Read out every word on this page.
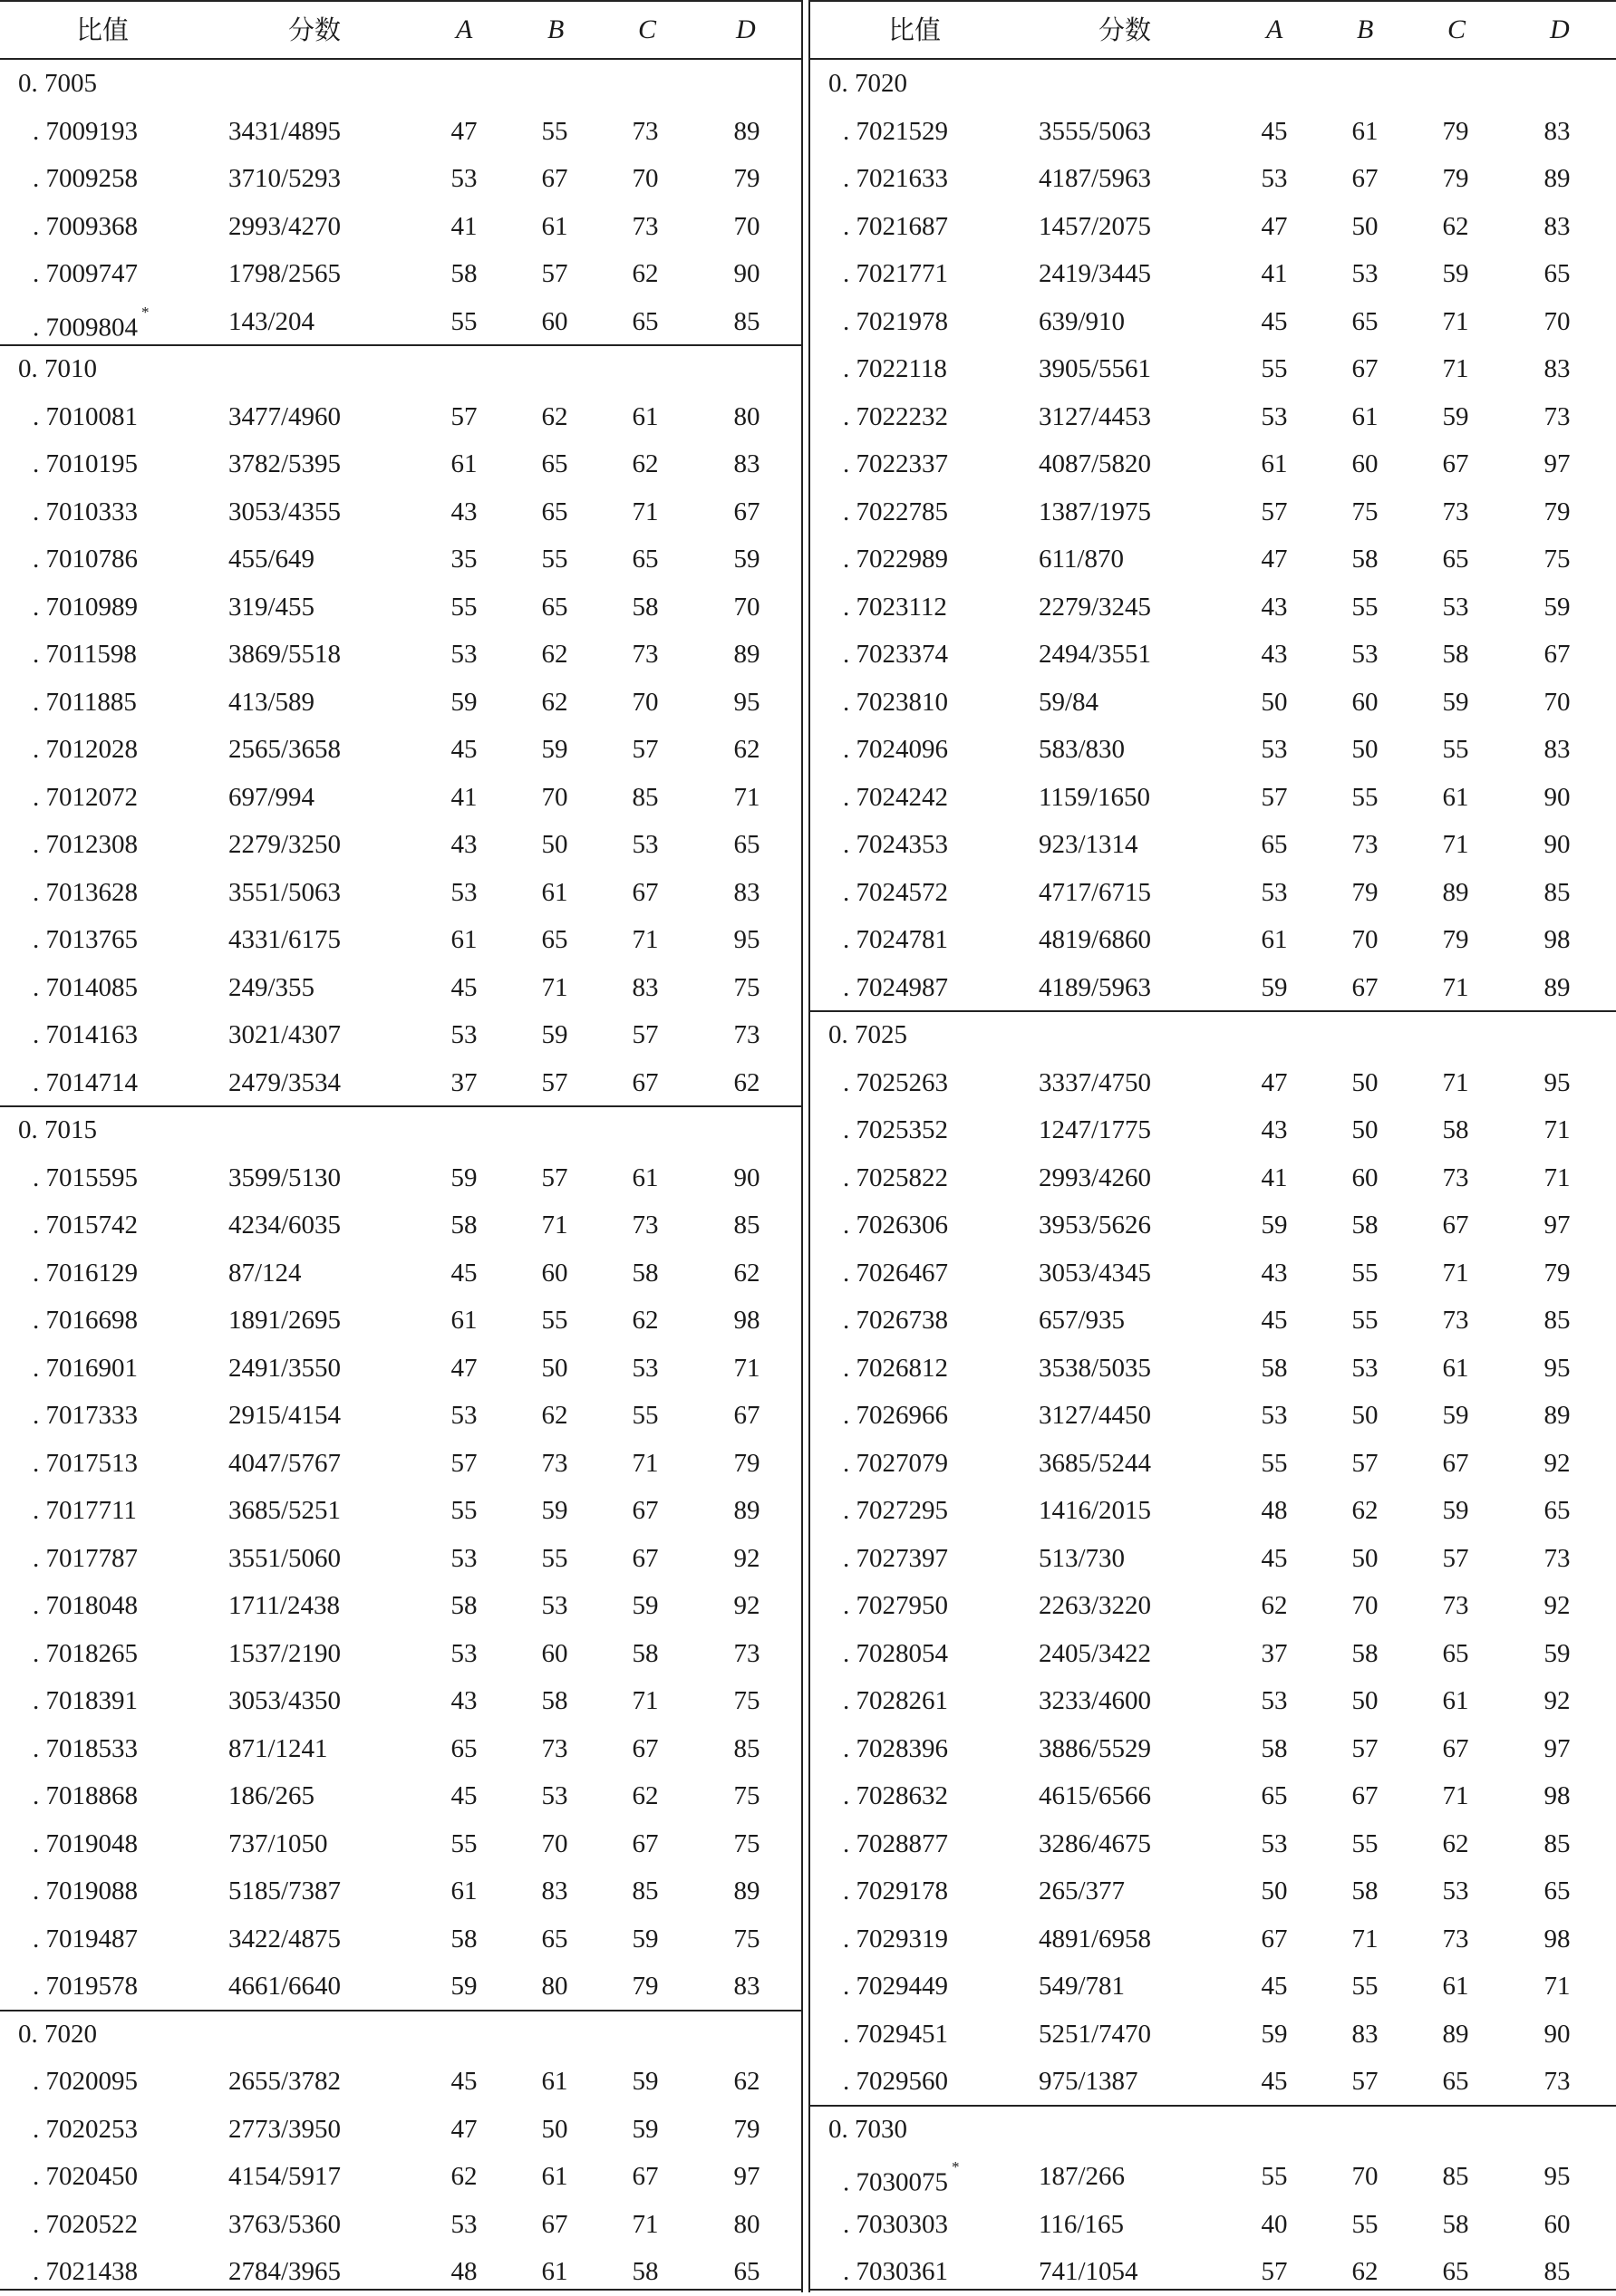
比值	分数	A	B	C	D
0. 7005
. 7009193	3431/4895	47	55	73	89
. 7009258	3710/5293	53	67	70	79
. 7009368	2993/4270	41	61	73	70
. 7009747	1798/2565	58	57	62	90
. 7009804*	143/204	55	60	65	85
0. 7010
. 7010081	3477/4960	57	62	61	80
. 7010195	3782/5395	61	65	62	83
. 7010333	3053/4355	43	65	71	67
. 7010786	455/649	35	55	65	59
. 7010989	319/455	55	65	58	70
. 7011598	3869/5518	53	62	73	89
. 7011885	413/589	59	62	70	95
. 7012028	2565/3658	45	59	57	62
. 7012072	697/994	41	70	85	71
. 7012308	2279/3250	43	50	53	65
. 7013628	3551/5063	53	61	67	83
. 7013765	4331/6175	61	65	71	95
. 7014085	249/355	45	71	83	75
. 7014163	3021/4307	53	59	57	73
. 7014714	2479/3534	37	57	67	62
0. 7015
. 7015595	3599/5130	59	57	61	90
. 7015742	4234/6035	58	71	73	85
. 7016129	87/124	45	60	58	62
. 7016698	1891/2695	61	55	62	98
. 7016901	2491/3550	47	50	53	71
. 7017333	2915/4154	53	62	55	67
. 7017513	4047/5767	57	73	71	79
. 7017711	3685/5251	55	59	67	89
. 7017787	3551/5060	53	55	67	92
. 7018048	1711/2438	58	53	59	92
. 7018265	1537/2190	53	60	58	73
. 7018391	3053/4350	43	58	71	75
. 7018533	871/1241	65	73	67	85
. 7018868	186/265	45	53	62	75
. 7019048	737/1050	55	70	67	75
. 7019088	5185/7387	61	83	85	89
. 7019487	3422/4875	58	65	59	75
. 7019578	4661/6640	59	80	79	83
0. 7020
. 7020095	2655/3782	45	61	59	62
. 7020253	2773/3950	47	50	59	79
. 7020450	4154/5917	62	61	67	97
. 7020522	3763/5360	53	67	71	80
. 7021438	2784/3965	48	61	58	65
比值	分数	A	B	C	D
0. 7020
. 7021529	3555/5063	45	61	79	83
. 7021633	4187/5963	53	67	79	89
. 7021687	1457/2075	47	50	62	83
. 7021771	2419/3445	41	53	59	65
. 7021978	639/910	45	65	71	70
. 7022118	3905/5561	55	67	71	83
. 7022232	3127/4453	53	61	59	73
. 7022337	4087/5820	61	60	67	97
. 7022785	1387/1975	57	75	73	79
. 7022989	611/870	47	58	65	75
. 7023112	2279/3245	43	55	53	59
. 7023374	2494/3551	43	53	58	67
. 7023810	59/84	50	60	59	70
. 7024096	583/830	53	50	55	83
. 7024242	1159/1650	57	55	61	90
. 7024353	923/1314	65	73	71	90
. 7024572	4717/6715	53	79	89	85
. 7024781	4819/6860	61	70	79	98
. 7024987	4189/5963	59	67	71	89
0. 7025
. 7025263	3337/4750	47	50	71	95
. 7025352	1247/1775	43	50	58	71
. 7025822	2993/4260	41	60	73	71
. 7026306	3953/5626	59	58	67	97
. 7026467	3053/4345	43	55	71	79
. 7026738	657/935	45	55	73	85
. 7026812	3538/5035	58	53	61	95
. 7026966	3127/4450	53	50	59	89
. 7027079	3685/5244	55	57	67	92
. 7027295	1416/2015	48	62	59	65
. 7027397	513/730	45	50	57	73
. 7027950	2263/3220	62	70	73	92
. 7028054	2405/3422	37	58	65	59
. 7028261	3233/4600	53	50	61	92
. 7028396	3886/5529	58	57	67	97
. 7028632	4615/6566	65	67	71	98
. 7028877	3286/4675	53	55	62	85
. 7029178	265/377	50	58	53	65
. 7029319	4891/6958	67	71	73	98
. 7029449	549/781	45	55	61	71
. 7029451	5251/7470	59	83	89	90
. 7029560	975/1387	45	57	65	73
0. 7030
. 7030075*	187/266	55	70	85	95
. 7030303	116/165	40	55	58	60
. 7030361	741/1054	57	62	65	85
